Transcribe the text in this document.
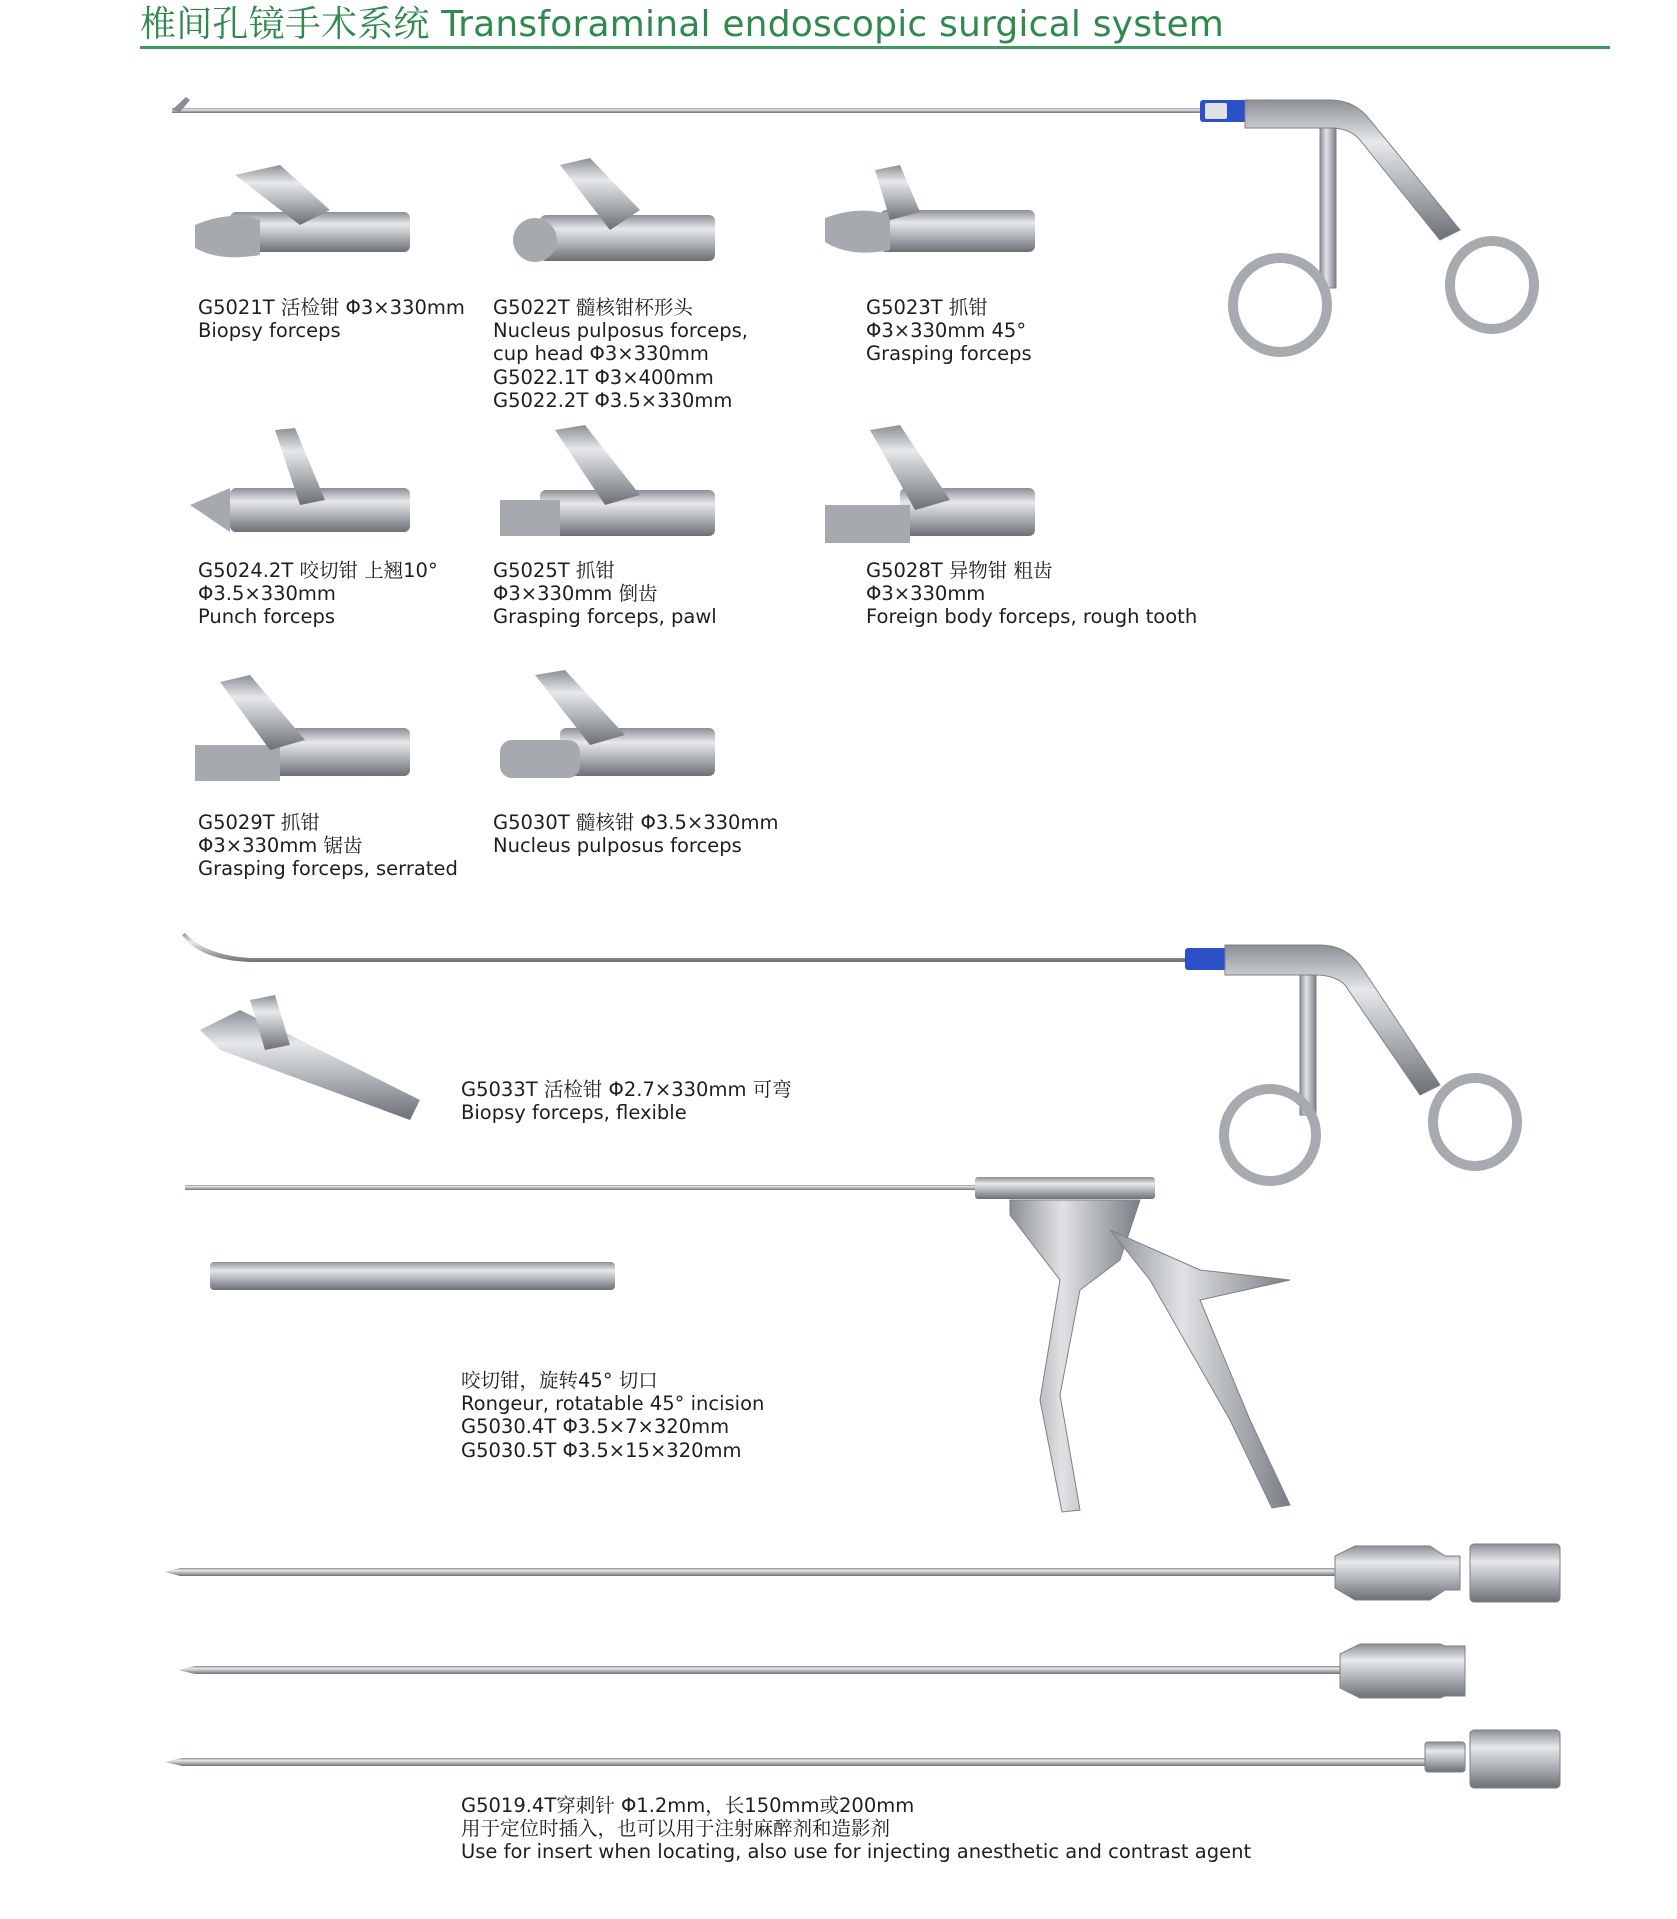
椎间孔镜手术系统 Transforaminal endoscopic surgical system
G5021T 活检钳 Φ3×330mm
Biopsy forceps
G5022T 髓核钳杯形头
Nucleus pulposus forceps,
cup head Φ3×330mm
G5022.1T Φ3×400mm
G5022.2T Φ3.5×330mm
G5023T 抓钳
Φ3×330mm 45°
Grasping forceps
G5024.2T 咬切钳 上翘10°
Φ3.5×330mm
Punch forceps
G5025T 抓钳
Φ3×330mm 倒齿
Grasping forceps, pawl
G5028T 异物钳 粗齿
Φ3×330mm
Foreign body forceps, rough tooth
G5029T 抓钳
Φ3×330mm 锯齿
Grasping forceps, serrated
G5030T 髓核钳 Φ3.5×330mm
Nucleus pulposus forceps
G5033T 活检钳 Φ2.7×330mm 可弯
Biopsy forceps, flexible
咬切钳，旋转45° 切口
Rongeur, rotatable 45° incision
G5030.4T Φ3.5×7×320mm
G5030.5T Φ3.5×15×320mm
G5019.4T穿刺针 Φ1.2mm，长150mm或200mm
用于定位时插入，也可以用于注射麻醉剂和造影剂
Use for insert when locating, also use for injecting anesthetic and contrast agent
